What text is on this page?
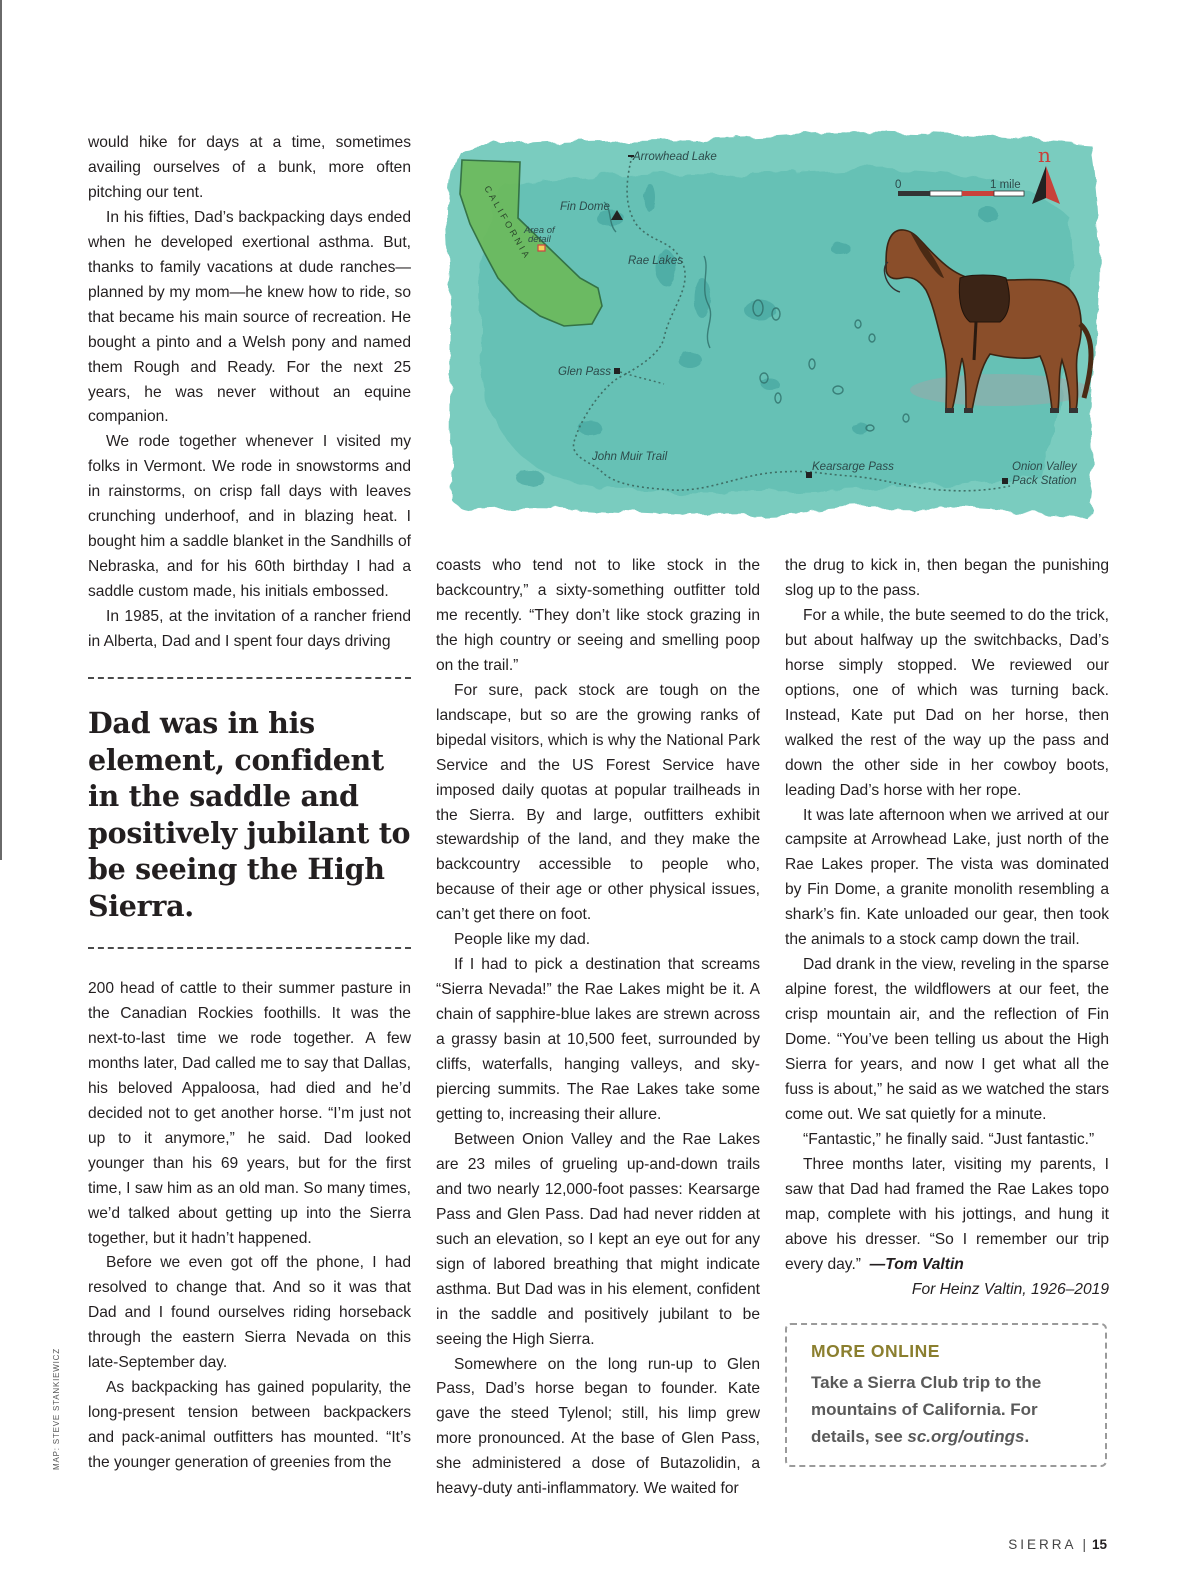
would hike for days at a time, sometimes availing ourselves of a bunk, more often pitching our tent.

In his fifties, Dad’s backpacking days ended when he developed exertional asthma. But, thanks to family vacations at dude ranches—planned by my mom—he knew how to ride, so that became his main source of recreation. He bought a pinto and a Welsh pony and named them Rough and Ready. For the next 25 years, he was never without an equine companion.

We rode together whenever I visited my folks in Vermont. We rode in snowstorms and in rainstorms, on crisp fall days with leaves crunching underhoof, and in blazing heat. I bought him a saddle blanket in the Sandhills of Nebraska, and for his 60th birthday I had a saddle custom made, his initials embossed.

In 1985, at the invitation of a rancher friend in Alberta, Dad and I spent four days driving

Dad was in his element, confident in the saddle and positively jubilant to be seeing the High Sierra.

200 head of cattle to their summer pasture in the Canadian Rockies foothills. It was the next-to-last time we rode together. A few months later, Dad called me to say that Dallas, his beloved Appaloosa, had died and he’d decided not to get another horse. “I’m just not up to it anymore,” he said. Dad looked younger than his 69 years, but for the first time, I saw him as an old man. So many times, we’d talked about getting up into the Sierra together, but it hadn’t happened.

Before we even got off the phone, I had resolved to change that. And so it was that Dad and I found ourselves riding horseback through the eastern Sierra Nevada on this late-September day.

As backpacking has gained popularity, the long-present tension between backpackers and pack-animal outfitters has mounted. “It’s the younger generation of greenies from the

CALIFORNIA
Area of
detail
Arrowhead Lake
Fin Dome
Rae Lakes
Glen Pass
John Muir Trail
Kearsarge Pass	Onion Valley
Pack Station
0	1 mile
n

coasts who tend not to like stock in the backcountry,” a sixty-something outfitter told me recently. “They don’t like stock grazing in the high country or seeing and smelling poop on the trail.”

For sure, pack stock are tough on the landscape, but so are the growing ranks of bipedal visitors, which is why the National Park Service and the US Forest Service have imposed daily quotas at popular trailheads in the Sierra. By and large, outfitters exhibit stewardship of the land, and they make the backcountry accessible to people who, because of their age or other physical issues, can’t get there on foot.

People like my dad.

If I had to pick a destination that screams “Sierra Nevada!” the Rae Lakes might be it. A chain of sapphire-blue lakes are strewn across a grassy basin at 10,500 feet, surrounded by cliffs, waterfalls, hanging valleys, and sky-piercing summits. The Rae Lakes take some getting to, increasing their allure.

Between Onion Valley and the Rae Lakes are 23 miles of grueling up-and-down trails and two nearly 12,000-foot passes: Kearsarge Pass and Glen Pass. Dad had never ridden at such an elevation, so I kept an eye out for any sign of labored breathing that might indicate asthma. But Dad was in his element, confident in the saddle and positively jubilant to be seeing the High Sierra.

Somewhere on the long run-up to Glen Pass, Dad’s horse began to founder. Kate gave the steed Tylenol; still, his limp grew more pronounced. At the base of Glen Pass, she administered a dose of Butazolidin, a heavy-duty anti-inflammatory. We waited for

the drug to kick in, then began the punishing slog up to the pass.

For a while, the bute seemed to do the trick, but about halfway up the switchbacks, Dad’s horse simply stopped. We reviewed our options, one of which was turning back. Instead, Kate put Dad on her horse, then walked the rest of the way up the pass and down the other side in her cowboy boots, leading Dad’s horse with her rope.

It was late afternoon when we arrived at our campsite at Arrowhead Lake, just north of the Rae Lakes proper. The vista was dominated by Fin Dome, a granite monolith resembling a shark’s fin. Kate unloaded our gear, then took the animals to a stock camp down the trail.

Dad drank in the view, reveling in the sparse alpine forest, the wildflowers at our feet, the crisp mountain air, and the reflection of Fin Dome. “You’ve been telling us about the High Sierra for years, and now I get what all the fuss is about,” he said as we watched the stars come out. We sat quietly for a minute.

“Fantastic,” he finally said. “Just fantastic.”

Three months later, visiting my parents, I saw that Dad had framed the Rae Lakes topo map, complete with his jottings, and hung it above his dresser. “So I remember our trip every day.” —Tom Valtin

For Heinz Valtin, 1926–2019

MAP: STEVE STANKIEWICZ	MORE ONLINE
Take a Sierra Club trip to the mountains of California. For details, see sc.org/outings.
SIERRA | 15
